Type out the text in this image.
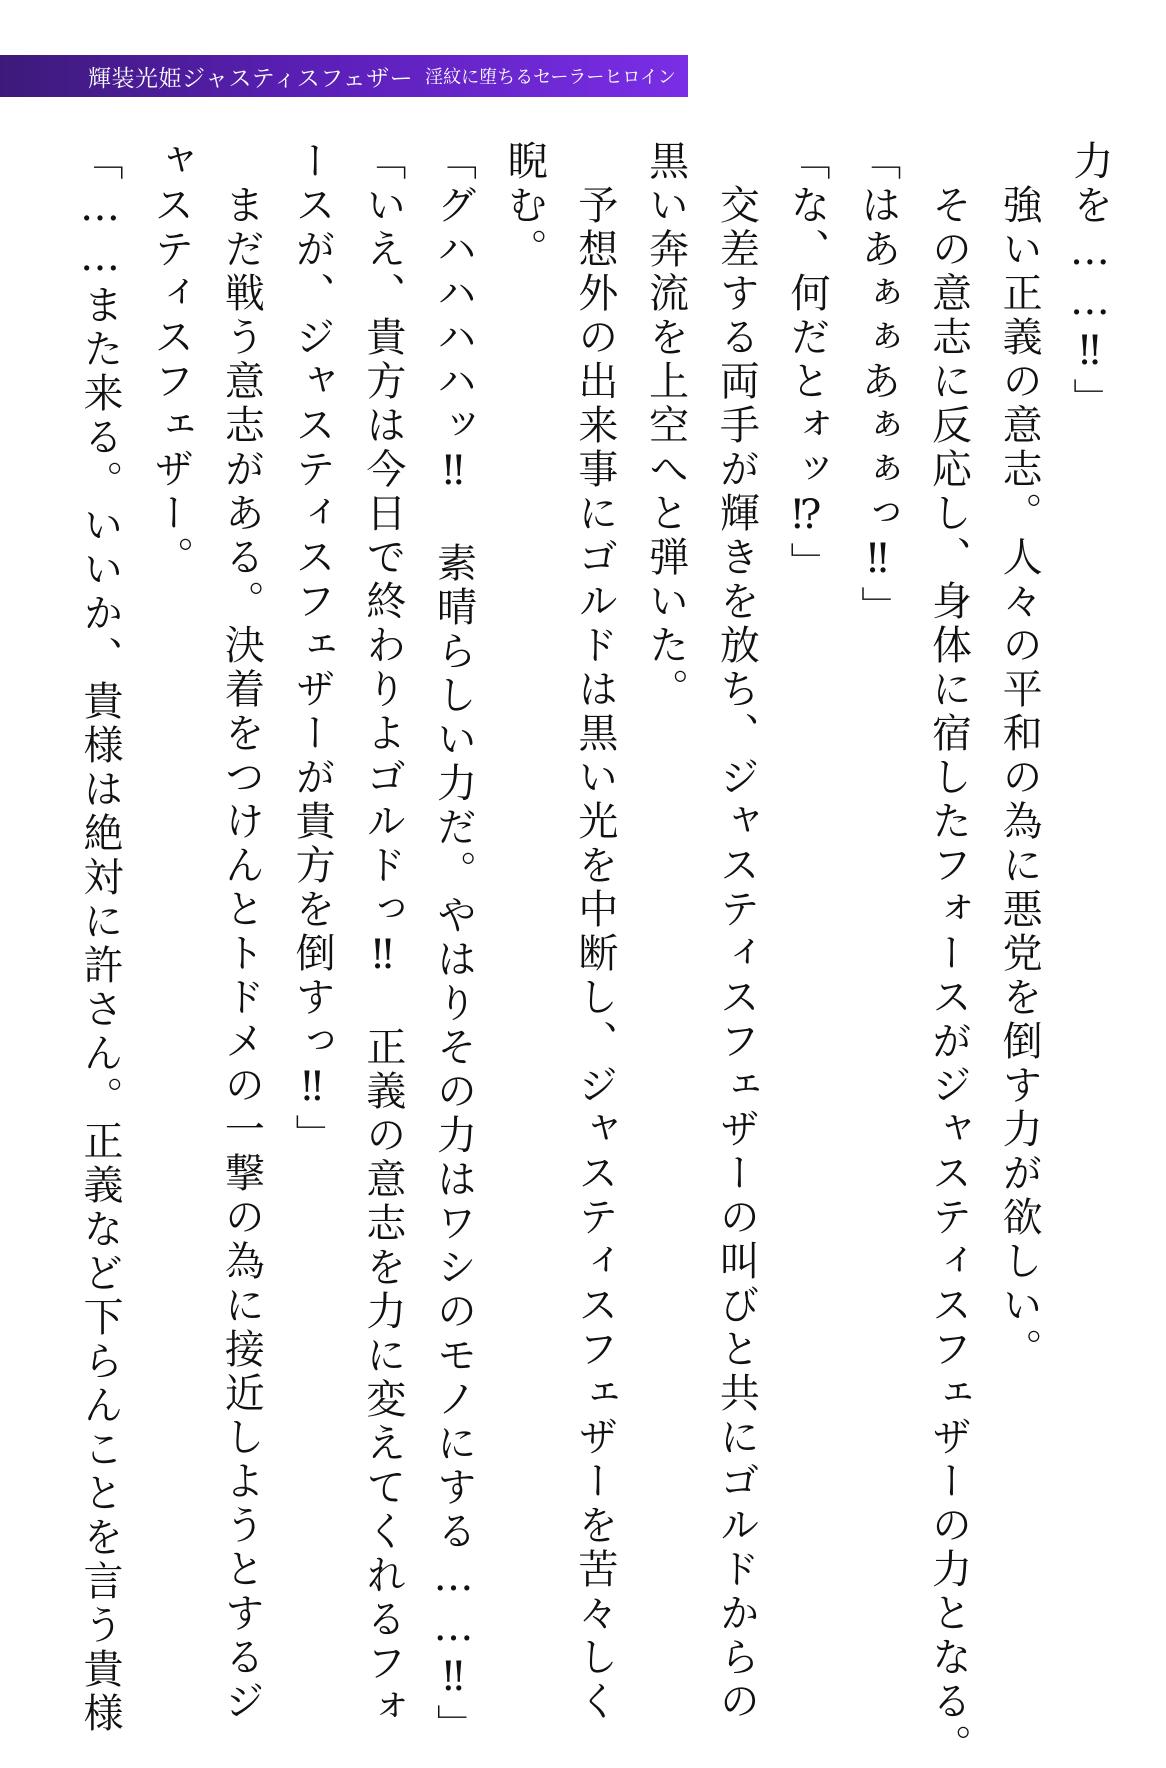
輝装光姫ジャスティスフェザー 淫紋に堕ちるセーラーヒロイン
力を……‼」
　強い正義の意志。人々の平和の為に悪党を倒す力が欲しい。
　その意志に反応し、身体に宿したフォースがジャスティスフェザーの力となる。
「はあぁぁあぁぁっ‼」
「な、何だとォッ⁉」
　交差する両手が輝きを放ち、ジャスティスフェザーの叫びと共にゴルドからの
黒い奔流を上空へと弾いた。
　予想外の出来事にゴルドは黒い光を中断し、ジャスティスフェザーを苦々しく
睨む。
「グハハハハッ‼　素晴らしい力だ。やはりその力はワシのモノにする……‼」
「いえ、貴方は今日で終わりよゴルドっ‼　正義の意志を力に変えてくれるフォ
ースが、ジャスティスフェザーが貴方を倒すっ‼」
　まだ戦う意志がある。決着をつけんとトドメの一撃の為に接近しようとするジ
ャスティスフェザー。
「……また来る。いいか、貴様は絶対に許さん。正義など下らんことを言う貴様
